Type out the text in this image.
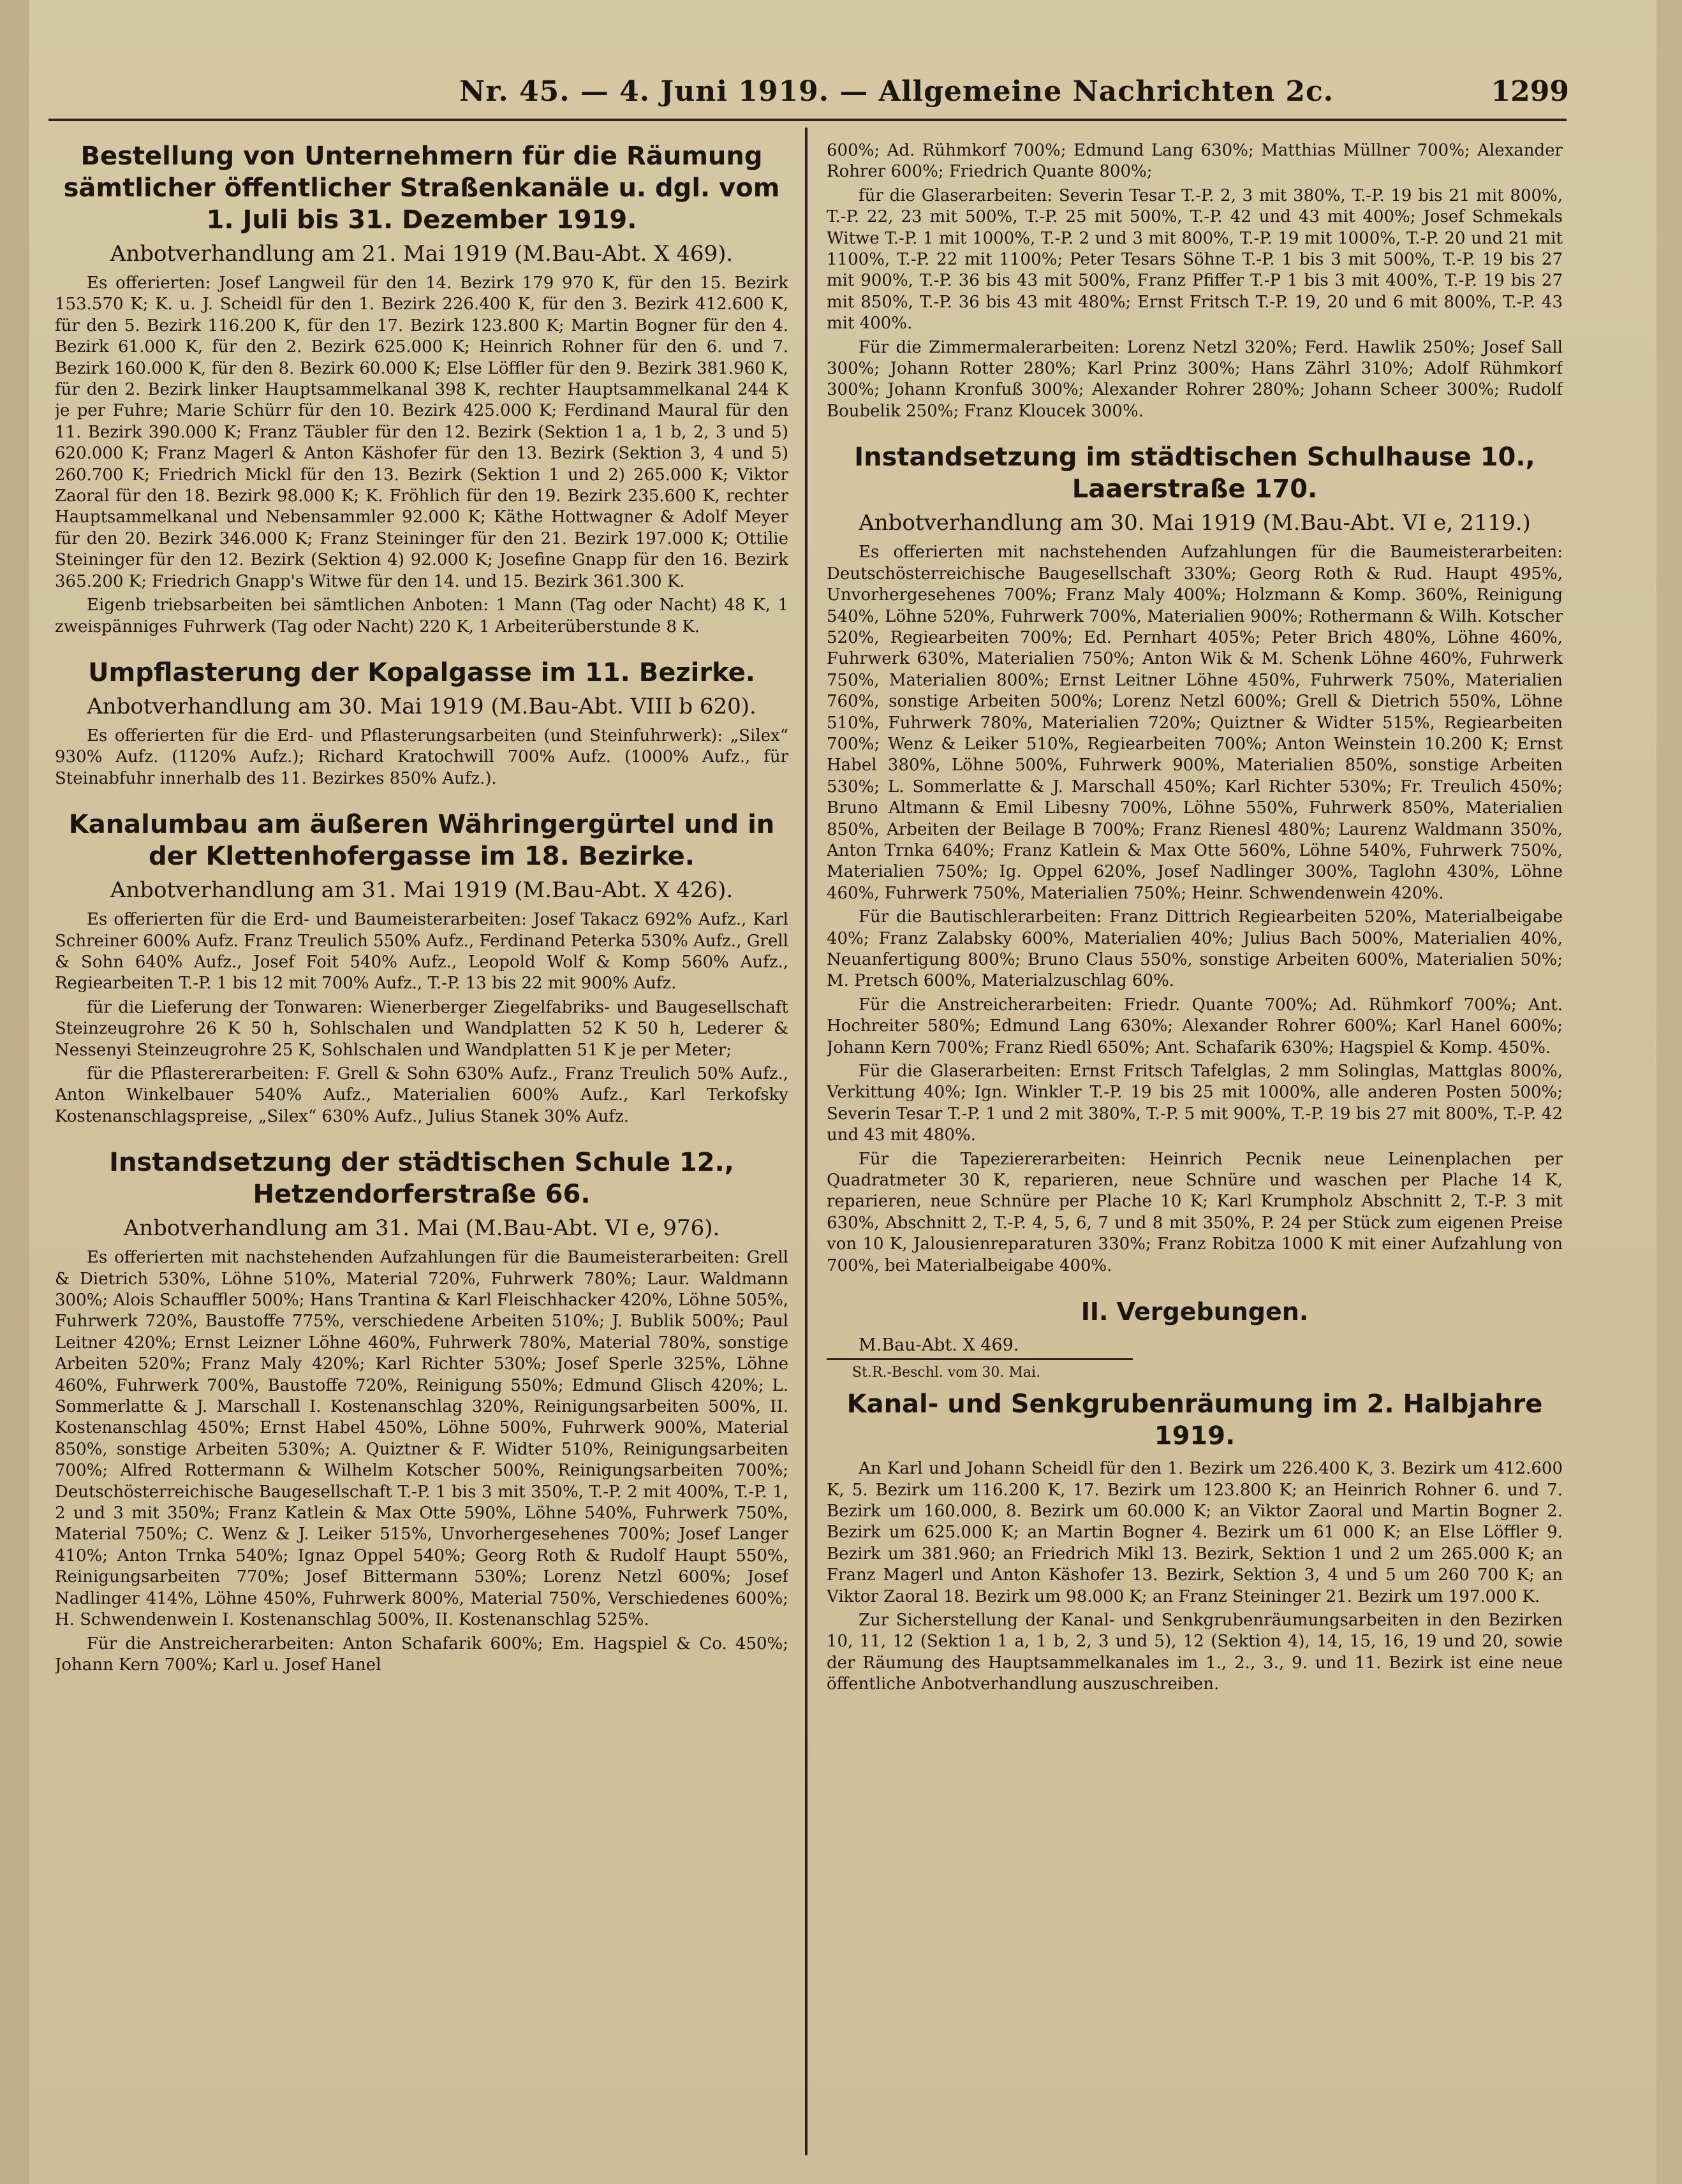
Nr. 45. — 4. Juni 1919. — Allgemeine Nachrichten 2c.	1299
Bestellung von Unternehmern für die Räumung sämtlicher öffentlicher Straßenkanäle u. dgl. vom 1. Juli bis 31. Dezember 1919.
Anbotverhandlung am 21. Mai 1919 (M.Bau-Abt. X 469).

Es offerierten: Josef Langweil für den 14. Bezirk 179 970 K, für den 15. Bezirk 153.570 K; K. u. J. Scheidl für den 1. Bezirk 226.400 K, für den 3. Bezirk 412.600 K, für den 5. Bezirk 116.200 K, für den 17. Bezirk 123.800 K; Martin Bogner für den 4. Bezirk 61.000 K, für den 2. Bezirk 625.000 K; Heinrich Rohner für den 6. und 7. Bezirk 160.000 K, für den 8. Bezirk 60.000 K; Else Löffler für den 9. Bezirk 381.960 K, für den 2. Bezirk linker Hauptsammelkanal 398 K, rechter Hauptsammelkanal 244 K je per Fuhre; Marie Schürr für den 10. Bezirk 425.000 K; Ferdinand Maural für den 11. Bezirk 390.000 K; Franz Täubler für den 12. Bezirk (Sektion 1 a, 1 b, 2, 3 und 5) 620.000 K; Franz Magerl & Anton Käshofer für den 13. Bezirk (Sektion 3, 4 und 5) 260.700 K; Friedrich Mickl für den 13. Bezirk (Sektion 1 und 2) 265.000 K; Viktor Zaoral für den 18. Bezirk 98.000 K; K. Fröhlich für den 19. Bezirk 235.600 K, rechter Hauptsammelkanal und Nebensammler 92.000 K; Käthe Hottwagner & Adolf Meyer für den 20. Bezirk 346.000 K; Franz Steininger für den 21. Bezirk 197.000 K; Ottilie Steininger für den 12. Bezirk (Sektion 4) 92.000 K; Josefine Gnapp für den 16. Bezirk 365.200 K; Friedrich Gnapp's Witwe für den 14. und 15. Bezirk 361.300 K.

Eigenb triebsarbeiten bei sämtlichen Anboten: 1 Mann (Tag oder Nacht) 48 K, 1 zweispänniges Fuhrwerk (Tag oder Nacht) 220 K, 1 Arbeiterüberstunde 8 K.

Umpflasterung der Kopalgasse im 11. Bezirke.
Anbotverhandlung am 30. Mai 1919 (M.Bau-Abt. VIII b 620).

Es offerierten für die Erd- und Pflasterungsarbeiten (und Steinfuhrwerk): „Silex“ 930% Aufz. (1120% Aufz.); Richard Kratochwill 700% Aufz. (1000% Aufz., für Steinabfuhr innerhalb des 11. Bezirkes 850% Aufz.).

Kanalumbau am äußeren Währingergürtel und in der Klettenhofergasse im 18. Bezirke.
Anbotverhandlung am 31. Mai 1919 (M.Bau-Abt. X 426).

Es offerierten für die Erd- und Baumeisterarbeiten: Josef Takacz 692% Aufz., Karl Schreiner 600% Aufz. Franz Treulich 550% Aufz., Ferdinand Peterka 530% Aufz., Grell & Sohn 640% Aufz., Josef Foit 540% Aufz., Leopold Wolf & Komp 560% Aufz., Regiearbeiten T.-P. 1 bis 12 mit 700% Aufz., T.-P. 13 bis 22 mit 900% Aufz.

für die Lieferung der Tonwaren: Wienerberger Ziegelfabriks- und Baugesellschaft Steinzeugrohre 26 K 50 h, Sohlschalen und Wandplatten 52 K 50 h, Lederer & Nessenyi Steinzeugrohre 25 K, Sohlschalen und Wandplatten 51 K je per Meter;

für die Pflastererarbeiten: F. Grell & Sohn 630% Aufz., Franz Treulich 50% Aufz., Anton Winkelbauer 540% Aufz., Materialien 600% Aufz., Karl Terkofsky Kostenanschlagspreise, „Silex“ 630% Aufz., Julius Stanek 30% Aufz.

Instandsetzung der städtischen Schule 12., Hetzendorferstraße 66.
Anbotverhandlung am 31. Mai (M.Bau-Abt. VI e, 976).

Es offerierten mit nachstehenden Aufzahlungen für die Baumeisterarbeiten: Grell & Dietrich 530%, Löhne 510%, Material 720%, Fuhrwerk 780%; Laur. Waldmann 300%; Alois Schauffler 500%; Hans Trantina & Karl Fleischhacker 420%, Löhne 505%, Fuhrwerk 720%, Baustoffe 775%, verschiedene Arbeiten 510%; J. Bublik 500%; Paul Leitner 420%; Ernst Leizner Löhne 460%, Fuhrwerk 780%, Material 780%, sonstige Arbeiten 520%; Franz Maly 420%; Karl Richter 530%; Josef Sperle 325%, Löhne 460%, Fuhrwerk 700%, Baustoffe 720%, Reinigung 550%; Edmund Glisch 420%; L. Sommerlatte & J. Marschall I. Kostenanschlag 320%, Reinigungsarbeiten 500%, II. Kostenanschlag 450%; Ernst Habel 450%, Löhne 500%, Fuhrwerk 900%, Material 850%, sonstige Arbeiten 530%; A. Quiztner & F. Widter 510%, Reinigungsarbeiten 700%; Alfred Rottermann & Wilhelm Kotscher 500%, Reinigungsarbeiten 700%; Deutschösterreichische Baugesellschaft T.-P. 1 bis 3 mit 350%, T.-P. 2 mit 400%, T.-P. 1, 2 und 3 mit 350%; Franz Katlein & Max Otte 590%, Löhne 540%, Fuhrwerk 750%, Material 750%; C. Wenz & J. Leiker 515%, Unvorhergesehenes 700%; Josef Langer 410%; Anton Trnka 540%; Ignaz Oppel 540%; Georg Roth & Rudolf Haupt 550%, Reinigungsarbeiten 770%; Josef Bittermann 530%; Lorenz Netzl 600%; Josef Nadlinger 414%, Löhne 450%, Fuhrwerk 800%, Material 750%, Verschiedenes 600%; H. Schwendenwein I. Kostenanschlag 500%, II. Kostenanschlag 525%.

Für die Anstreicherarbeiten: Anton Schafarik 600%; Em. Hagspiel & Co. 450%; Johann Kern 700%; Karl u. Josef Hanel

600%; Ad. Rühmkorf 700%; Edmund Lang 630%; Matthias Müllner 700%; Alexander Rohrer 600%; Friedrich Quante 800%;

für die Glaserarbeiten: Severin Tesar T.-P. 2, 3 mit 380%, T.-P. 19 bis 21 mit 800%, T.-P. 22, 23 mit 500%, T.-P. 25 mit 500%, T.-P. 42 und 43 mit 400%; Josef Schmekals Witwe T.-P. 1 mit 1000%, T.-P. 2 und 3 mit 800%, T.-P. 19 mit 1000%, T.-P. 20 und 21 mit 1100%, T.-P. 22 mit 1100%; Peter Tesars Söhne T.-P. 1 bis 3 mit 500%, T.-P. 19 bis 27 mit 900%, T.-P. 36 bis 43 mit 500%, Franz Pfiffer T.-P 1 bis 3 mit 400%, T.-P. 19 bis 27 mit 850%, T.-P. 36 bis 43 mit 480%; Ernst Fritsch T.-P. 19, 20 und 6 mit 800%, T.-P. 43 mit 400%.

Für die Zimmermalerarbeiten: Lorenz Netzl 320%; Ferd. Hawlik 250%; Josef Sall 300%; Johann Rotter 280%; Karl Prinz 300%; Hans Zährl 310%; Adolf Rühmkorf 300%; Johann Kronfuß 300%; Alexander Rohrer 280%; Johann Scheer 300%; Rudolf Boubelik 250%; Franz Kloucek 300%.

Instandsetzung im städtischen Schulhause 10., Laaerstraße 170.
Anbotverhandlung am 30. Mai 1919 (M.Bau-Abt. VI e, 2119.)

Es offerierten mit nachstehenden Aufzahlungen für die Baumeisterarbeiten: Deutschösterreichische Baugesellschaft 330%; Georg Roth & Rud. Haupt 495%, Unvorhergesehenes 700%; Franz Maly 400%; Holzmann & Komp. 360%, Reinigung 540%, Löhne 520%, Fuhrwerk 700%, Materialien 900%; Rothermann & Wilh. Kotscher 520%, Regiearbeiten 700%; Ed. Pernhart 405%; Peter Brich 480%, Löhne 460%, Fuhrwerk 630%, Materialien 750%; Anton Wik & M. Schenk Löhne 460%, Fuhrwerk 750%, Materialien 800%; Ernst Leitner Löhne 450%, Fuhrwerk 750%, Materialien 760%, sonstige Arbeiten 500%; Lorenz Netzl 600%; Grell & Dietrich 550%, Löhne 510%, Fuhrwerk 780%, Materialien 720%; Quiztner & Widter 515%, Regiearbeiten 700%; Wenz & Leiker 510%, Regiearbeiten 700%; Anton Weinstein 10.200 K; Ernst Habel 380%, Löhne 500%, Fuhrwerk 900%, Materialien 850%, sonstige Arbeiten 530%; L. Sommerlatte & J. Marschall 450%; Karl Richter 530%; Fr. Treulich 450%; Bruno Altmann & Emil Libesny 700%, Löhne 550%, Fuhrwerk 850%, Materialien 850%, Arbeiten der Beilage B 700%; Franz Rienesl 480%; Laurenz Waldmann 350%, Anton Trnka 640%; Franz Katlein & Max Otte 560%, Löhne 540%, Fuhrwerk 750%, Materialien 750%; Ig. Oppel 620%, Josef Nadlinger 300%, Taglohn 430%, Löhne 460%, Fuhrwerk 750%, Materialien 750%; Heinr. Schwendenwein 420%.

Für die Bautischlerarbeiten: Franz Dittrich Regiearbeiten 520%, Materialbeigabe 40%; Franz Zalabsky 600%, Materialien 40%; Julius Bach 500%, Materialien 40%, Neuanfertigung 800%; Bruno Claus 550%, sonstige Arbeiten 600%, Materialien 50%; M. Pretsch 600%, Materialzuschlag 60%.

Für die Anstreicherarbeiten: Friedr. Quante 700%; Ad. Rühmkorf 700%; Ant. Hochreiter 580%; Edmund Lang 630%; Alexander Rohrer 600%; Karl Hanel 600%; Johann Kern 700%; Franz Riedl 650%; Ant. Schafarik 630%; Hagspiel & Komp. 450%.

Für die Glaserarbeiten: Ernst Fritsch Tafelglas, 2 mm Solinglas, Mattglas 800%, Verkittung 40%; Ign. Winkler T.-P. 19 bis 25 mit 1000%, alle anderen Posten 500%; Severin Tesar T.-P. 1 und 2 mit 380%, T.-P. 5 mit 900%, T.-P. 19 bis 27 mit 800%, T.-P. 42 und 43 mit 480%.

Für die Tapeziererarbeiten: Heinrich Pecnik neue Leinenplachen per Quadratmeter 30 K, reparieren, neue Schnüre und waschen per Plache 14 K, reparieren, neue Schnüre per Plache 10 K; Karl Krumpholz Abschnitt 2, T.-P. 3 mit 630%, Abschnitt 2, T.-P. 4, 5, 6, 7 und 8 mit 350%, P. 24 per Stück zum eigenen Preise von 10 K, Jalousienreparaturen 330%; Franz Robitza 1000 K mit einer Aufzahlung von 700%, bei Materialbeigabe 400%.

II. Vergebungen.
M.Bau-Abt. X 469.
St.R.-Beschl. vom 30. Mai.
Kanal- und Senkgrubenräumung im 2. Halbjahre 1919.

An Karl und Johann Scheidl für den 1. Bezirk um 226.400 K, 3. Bezirk um 412.600 K, 5. Bezirk um 116.200 K, 17. Bezirk um 123.800 K; an Heinrich Rohner 6. und 7. Bezirk um 160.000, 8. Bezirk um 60.000 K; an Viktor Zaoral und Martin Bogner 2. Bezirk um 625.000 K; an Martin Bogner 4. Bezirk um 61 000 K; an Else Löffler 9. Bezirk um 381.960; an Friedrich Mikl 13. Bezirk, Sektion 1 und 2 um 265.000 K; an Franz Magerl und Anton Käshofer 13. Bezirk, Sektion 3, 4 und 5 um 260 700 K; an Viktor Zaoral 18. Bezirk um 98.000 K; an Franz Steininger 21. Bezirk um 197.000 K.

Zur Sicherstellung der Kanal- und Senkgrubenräumungsarbeiten in den Bezirken 10, 11, 12 (Sektion 1 a, 1 b, 2, 3 und 5), 12 (Sektion 4), 14, 15, 16, 19 und 20, sowie der Räumung des Hauptsammelkanales im 1., 2., 3., 9. und 11. Bezirk ist eine neue öffentliche Anbotverhandlung auszuschreiben.
